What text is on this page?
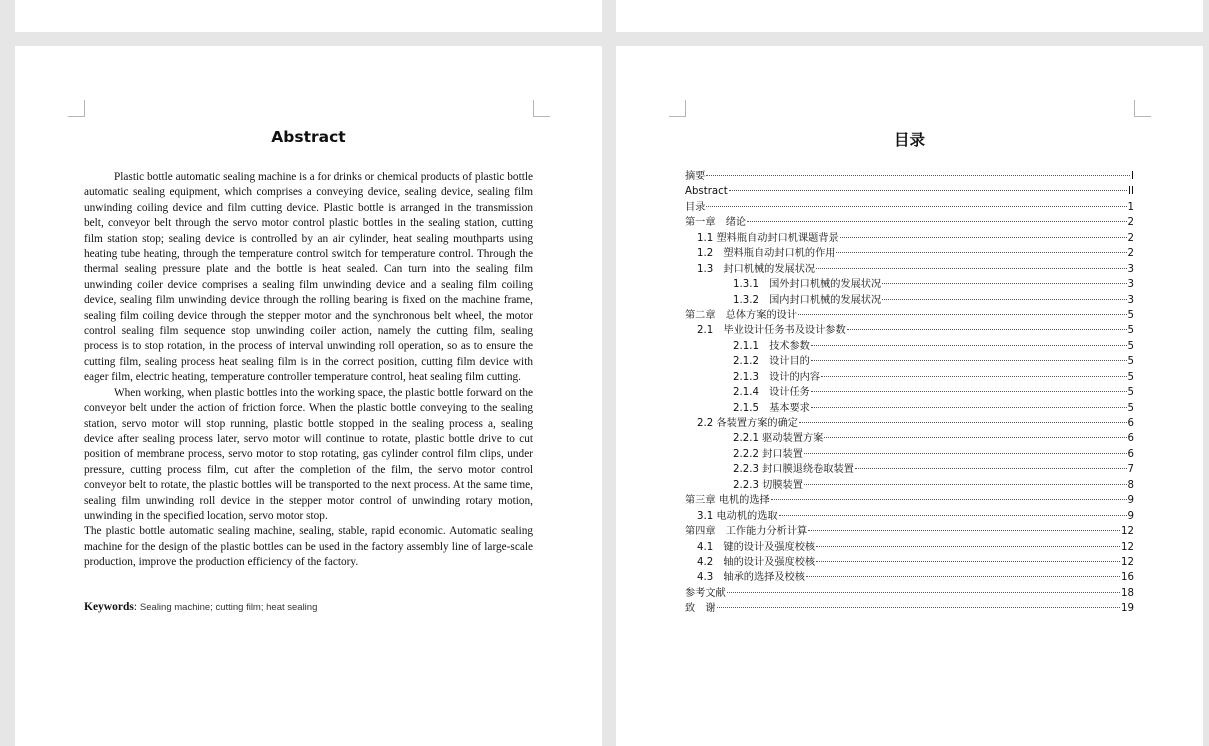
Abstract

Plastic bottle automatic sealing machine is a for drinks or chemical products of plastic bottle automatic sealing equipment, which comprises a conveying device, sealing device, sealing film unwinding coiling device and film cutting device. Plastic bottle is arranged in the transmission belt, conveyor belt through the servo motor control plastic bottles in the sealing station, cutting film station stop; sealing device is controlled by an air cylinder, heat sealing mouthparts using heating tube heating, through the temperature control switch for temperature control. Through the thermal sealing pressure plate and the bottle is heat sealed. Can turn into the sealing film unwinding coiler device comprises a sealing film unwinding device and a sealing film coiling device, sealing film unwinding device through the rolling bearing is fixed on the machine frame, sealing film coiling device through the stepper motor and the synchronous belt wheel, the motor control sealing film sequence stop unwinding coiler action, namely the cutting film, sealing process is to stop rotation, in the process of interval unwinding roll operation, so as to ensure the cutting film, sealing process heat sealing film is in the correct position, cutting film device with eager film, electric heating, temperature controller temperature control, heat sealing film cutting.

When working, when plastic bottles into the working space, the plastic bottle forward on the conveyor belt under the action of friction force. When the plastic bottle conveying to the sealing station, servo motor will stop running, plastic bottle stopped in the sealing process a, sealing device after sealing process later, servo motor will continue to rotate, plastic bottle drive to cut position of membrane process, servo motor to stop rotating, gas cylinder control film clips, under pressure, cutting process film, cut after the completion of the film, the servo motor control conveyor belt to rotate, the plastic bottles will be transported to the next process. At the same time, sealing film unwinding roll device in the stepper motor control of unwinding rotary motion, unwinding in the specified location, servo motor stop.

The plastic bottle automatic sealing machine, sealing, stable, rapid economic. Automatic sealing machine for the design of the plastic bottles can be used in the factory assembly line of large-scale production, improve the production efficiency of the factory.

Keywords: Sealing machine; cutting film; heat sealing
目录
摘要	I
Abstract	II
目录	1
第一章　绪论	2
1.1 塑料瓶自动封口机课题背景	2
1.2　塑料瓶自动封口机的作用	2
1.3　封口机械的发展状况	3
1.3.1　国外封口机械的发展状况	3
1.3.2　国内封口机械的发展状况	3
第二章　总体方案的设计	5
2.1　毕业设计任务书及设计参数	5
2.1.1　技术参数	5
2.1.2　设计目的	5
2.1.3　设计的内容	5
2.1.4　设计任务	5
2.1.5　基本要求	5
2.2 各装置方案的确定	6
2.2.1 驱动装置方案	6
2.2.2 封口装置	6
2.2.3 封口膜退绕卷取装置	7
2.2.3 切膜装置	8
第三章 电机的选择	9
3.1 电动机的选取	9
第四章　工作能力分析计算	12
4.1　键的设计及强度校核	12
4.2　轴的设计及强度校核	12
4.3　轴承的选择及校核	16
参考文献	18
致　谢	19
